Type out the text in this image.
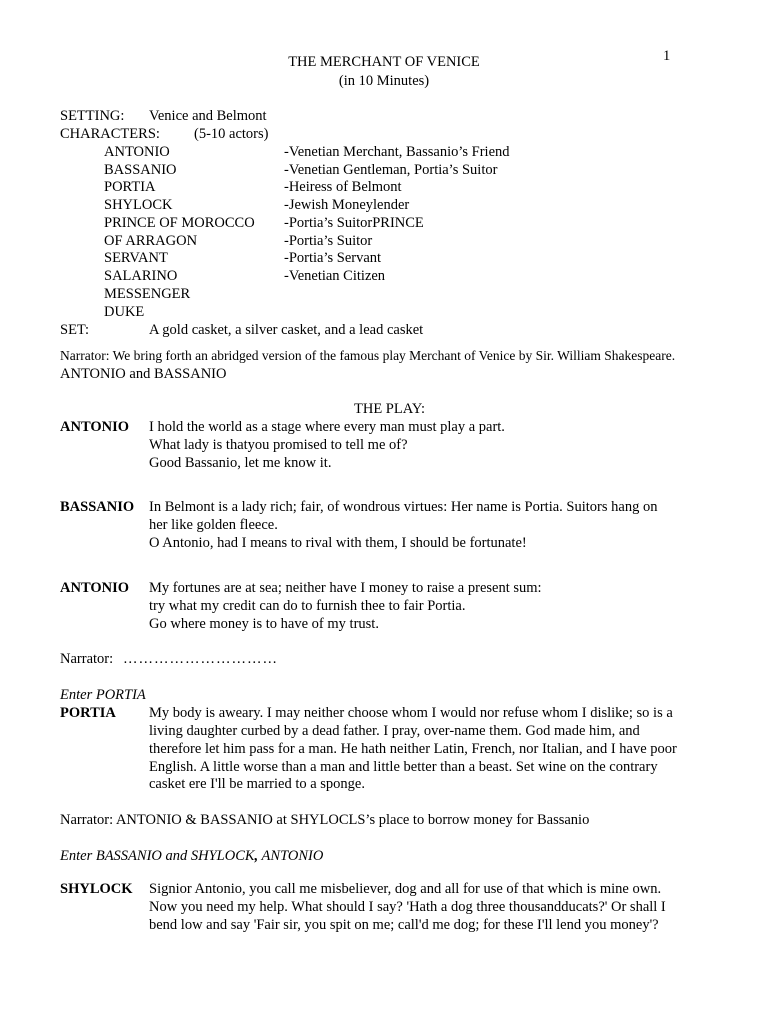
1
THE MERCHANT OF VENICE
(in 10 Minutes)
SETTING: Venice and Belmont
CHARACTERS: (5-10 actors)
ANTONIO	-Venetian Merchant, Bassanio’s Friend
BASSANIO	-Venetian Gentleman, Portia’s Suitor
PORTIA	-Heiress of Belmont
SHYLOCK	-Jewish Moneylender
PRINCE OF MOROCCO -Portia’s SuitorPRINCE
OF ARRAGON	-Portia’s Suitor
SERVANT	-Portia’s Servant
SALARINO	-Venetian Citizen
MESSENGER
DUKE
SET:	A gold casket, a silver casket, and a lead casket
Narrator: We bring forth an abridged version of the famous play Merchant of Venice by Sir. William Shakespeare.
ANTONIO and BASSANIO
THE PLAY:
ANTONIO I hold the world as a stage where every man must play a part.
What lady is thatyou promised to tell me of?
Good Bassanio, let me know it.
BASSANIO In Belmont is a lady rich; fair, of wondrous virtues: Her name is Portia. Suitors hang on
her like golden fleece.
O Antonio, had I means to rival with them, I should be fortunate!
ANTONIO My fortunes are at sea; neither have I money to raise a present sum:
try what my credit can do to furnish thee to fair Portia.
Go where money is to have of my trust.
Narrator: …………………………
Enter PORTIA
PORTIA My body is aweary. I may neither choose whom I would nor refuse whom I dislike; so is a
living daughter curbed by a dead father. I pray, over-name them. God made him, and
therefore let him pass for a man. He hath neither Latin, French, nor Italian, and I have poor
English. A little worse than a man and little better than a beast. Set wine on the contrary
casket ere I'll be married to a sponge.
Narrator: ANTONIO & BASSANIO at SHYLOCLS’s place to borrow money for Bassanio
Enter BASSANIO and SHYLOCK, ANTONIO
SHYLOCK Signior Antonio, you call me misbeliever, dog and all for use of that which is mine own.
Now you need my help. What should I say? 'Hath a dog three thousandducats?' Or shall I
bend low and say 'Fair sir, you spit on me; call'd me dog; for these I'll lend you money'?
